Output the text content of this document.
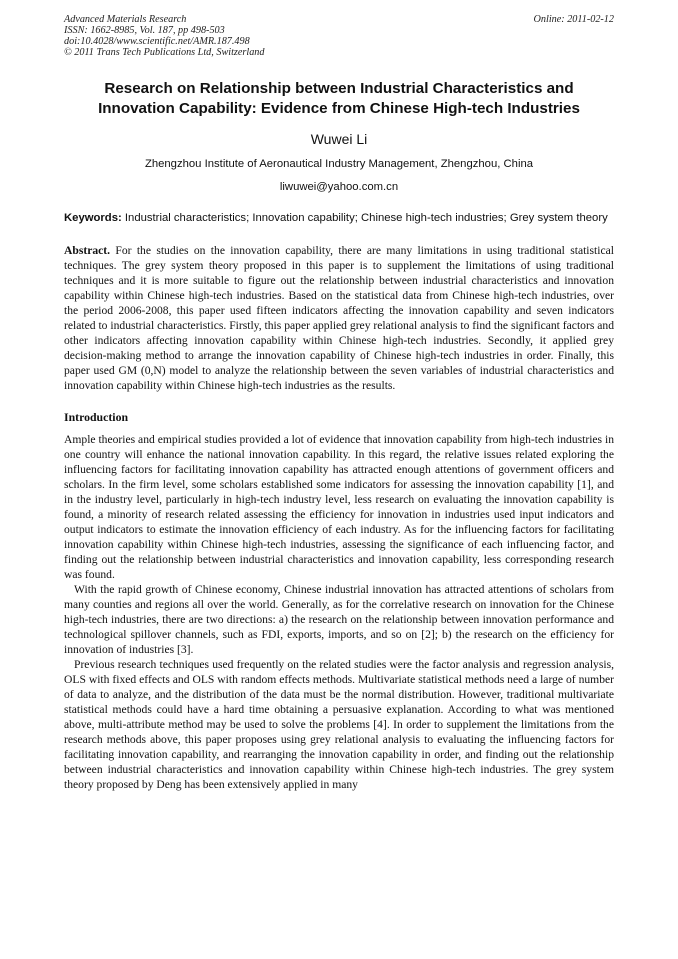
Advanced Materials Research
ISSN: 1662-8985, Vol. 187, pp 498-503
doi:10.4028/www.scientific.net/AMR.187.498
© 2011 Trans Tech Publications Ltd, Switzerland
Online: 2011-02-12
Research on Relationship between Industrial Characteristics and Innovation Capability: Evidence from Chinese High-tech Industries
Wuwei Li
Zhengzhou Institute of Aeronautical Industry Management, Zhengzhou, China
liwuwei@yahoo.com.cn
Keywords: Industrial characteristics; Innovation capability; Chinese high-tech industries; Grey system theory
Abstract. For the studies on the innovation capability, there are many limitations in using traditional statistical techniques. The grey system theory proposed in this paper is to supplement the limitations of using traditional techniques and it is more suitable to figure out the relationship between industrial characteristics and innovation capability within Chinese high-tech industries. Based on the statistical data from Chinese high-tech industries, over the period 2006-2008, this paper used fifteen indicators affecting the innovation capability and seven indicators related to industrial characteristics. Firstly, this paper applied grey relational analysis to find the significant factors and other indicators affecting innovation capability within Chinese high-tech industries. Secondly, it applied grey decision-making method to arrange the innovation capability of Chinese high-tech industries in order. Finally, this paper used GM (0,N) model to analyze the relationship between the seven variables of industrial characteristics and innovation capability within Chinese high-tech industries as the results.
Introduction

Ample theories and empirical studies provided a lot of evidence that innovation capability from high-tech industries in one country will enhance the national innovation capability. In this regard, the relative issues related exploring the influencing factors for facilitating innovation capability has attracted enough attentions of government officers and scholars. In the firm level, some scholars established some indicators for assessing the innovation capability [1], and in the industry level, particularly in high-tech industry level, less research on evaluating the innovation capability is found, a minority of research related assessing the efficiency for innovation in industries used input indicators and output indicators to estimate the innovation efficiency of each industry. As for the influencing factors for facilitating innovation capability within Chinese high-tech industries, assessing the significance of each influencing factor, and finding out the relationship between industrial characteristics and innovation capability, less corresponding research was found.

With the rapid growth of Chinese economy, Chinese industrial innovation has attracted attentions of scholars from many counties and regions all over the world. Generally, as for the correlative research on innovation for the Chinese high-tech industries, there are two directions: a) the research on the relationship between innovation performance and technological spillover channels, such as FDI, exports, imports, and so on [2]; b) the research on the efficiency for innovation of industries [3].

Previous research techniques used frequently on the related studies were the factor analysis and regression analysis, OLS with fixed effects and OLS with random effects methods. Multivariate statistical methods need a large of number of data to analyze, and the distribution of the data must be the normal distribution. However, traditional multivariate statistical methods could have a hard time obtaining a persuasive explanation. According to what was mentioned above, multi-attribute method may be used to solve the problems [4]. In order to supplement the limitations from the research methods above, this paper proposes using grey relational analysis to evaluating the influencing factors for facilitating innovation capability, and rearranging the innovation capability in order, and finding out the relationship between industrial characteristics and innovation capability within Chinese high-tech industries. The grey system theory proposed by Deng has been extensively applied in many
